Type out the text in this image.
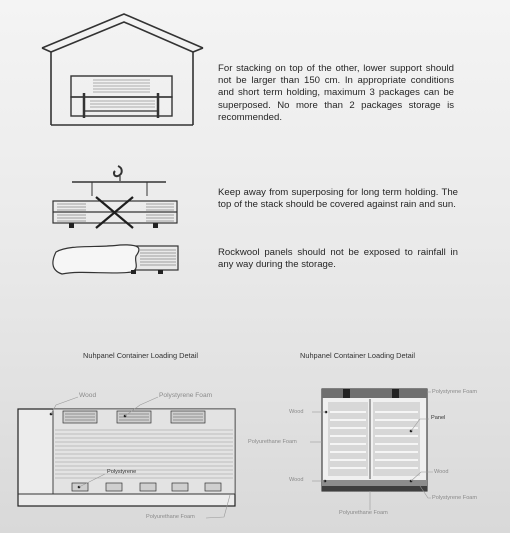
For stacking on top of the other, lower support should not be larger than 150 cm. In appropriate conditions and short term holding, maximum 3 packages can be superposed. No more than 2 packages storage is recommended.
Keep away from superposing for long term holding. The top of the stack should be covered against rain and sun.
Rockwool panels should not be exposed to rainfall in any way during the storage.
Nuhpanel Container Loading Detail
Wood	Polystyrene Foam
Polystyrene
Polyurethane Foam
Nuhpanel Container Loading Detail
Polystyrene Foam
Wood
Panel
Polyurethane Foam
Wood
Wood
Polystyrene Foam
Polyurethane Foam
